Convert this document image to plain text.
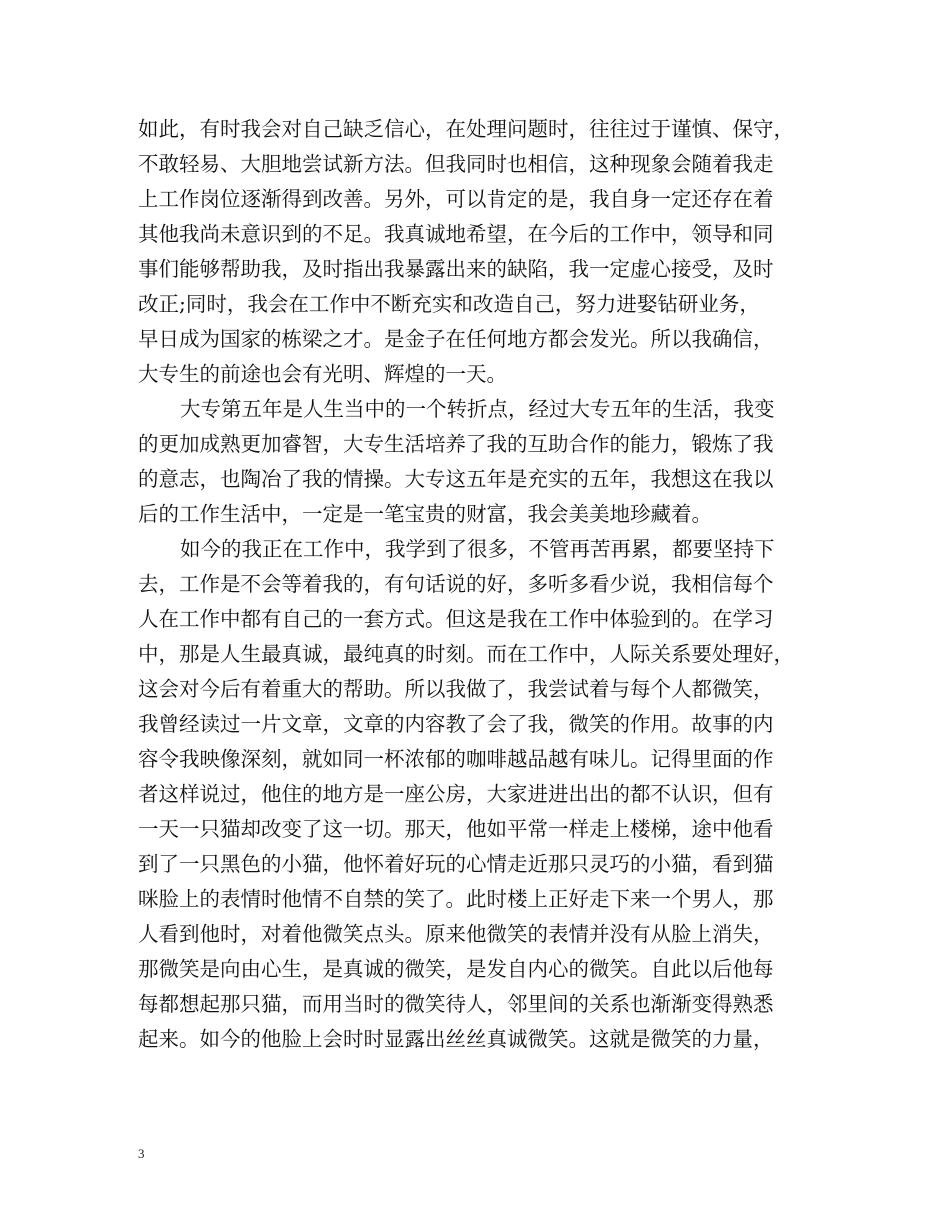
如此，有时我会对自己缺乏信心，在处理问题时，往往过于谨慎、保守，
不敢轻易、大胆地尝试新方法。但我同时也相信，这种现象会随着我走
上工作岗位逐渐得到改善。另外，可以肯定的是，我自身一定还存在着
其他我尚未意识到的不足。我真诚地希望，在今后的工作中，领导和同
事们能够帮助我，及时指出我暴露出来的缺陷，我一定虚心接受，及时
改正;同时，我会在工作中不断充实和改造自己，努力进娶钻研业务，
早日成为国家的栋梁之才。是金子在任何地方都会发光。所以我确信，
大专生的前途也会有光明、辉煌的一天。
大专第五年是人生当中的一个转折点，经过大专五年的生活，我变
的更加成熟更加睿智，大专生活培养了我的互助合作的能力，锻炼了我
的意志，也陶冶了我的情操。大专这五年是充实的五年，我想这在我以
后的工作生活中，一定是一笔宝贵的财富，我会美美地珍藏着。
如今的我正在工作中，我学到了很多，不管再苦再累，都要坚持下
去，工作是不会等着我的，有句话说的好，多听多看少说，我相信每个
人在工作中都有自己的一套方式。但这是我在工作中体验到的。在学习
中，那是人生最真诚，最纯真的时刻。而在工作中，人际关系要处理好，
这会对今后有着重大的帮助。所以我做了，我尝试着与每个人都微笑，
我曾经读过一片文章，文章的内容教了会了我，微笑的作用。故事的内
容令我映像深刻，就如同一杯浓郁的咖啡越品越有味儿。记得里面的作
者这样说过，他住的地方是一座公房，大家进进出出的都不认识，但有
一天一只猫却改变了这一切。那天，他如平常一样走上楼梯，途中他看
到了一只黑色的小猫，他怀着好玩的心情走近那只灵巧的小猫，看到猫
咪脸上的表情时他情不自禁的笑了。此时楼上正好走下来一个男人，那
人看到他时，对着他微笑点头。原来他微笑的表情并没有从脸上消失，
那微笑是向由心生，是真诚的微笑，是发自内心的微笑。自此以后他每
每都想起那只猫，而用当时的微笑待人，邻里间的关系也渐渐变得熟悉
起来。如今的他脸上会时时显露出丝丝真诚微笑。这就是微笑的力量，
3
